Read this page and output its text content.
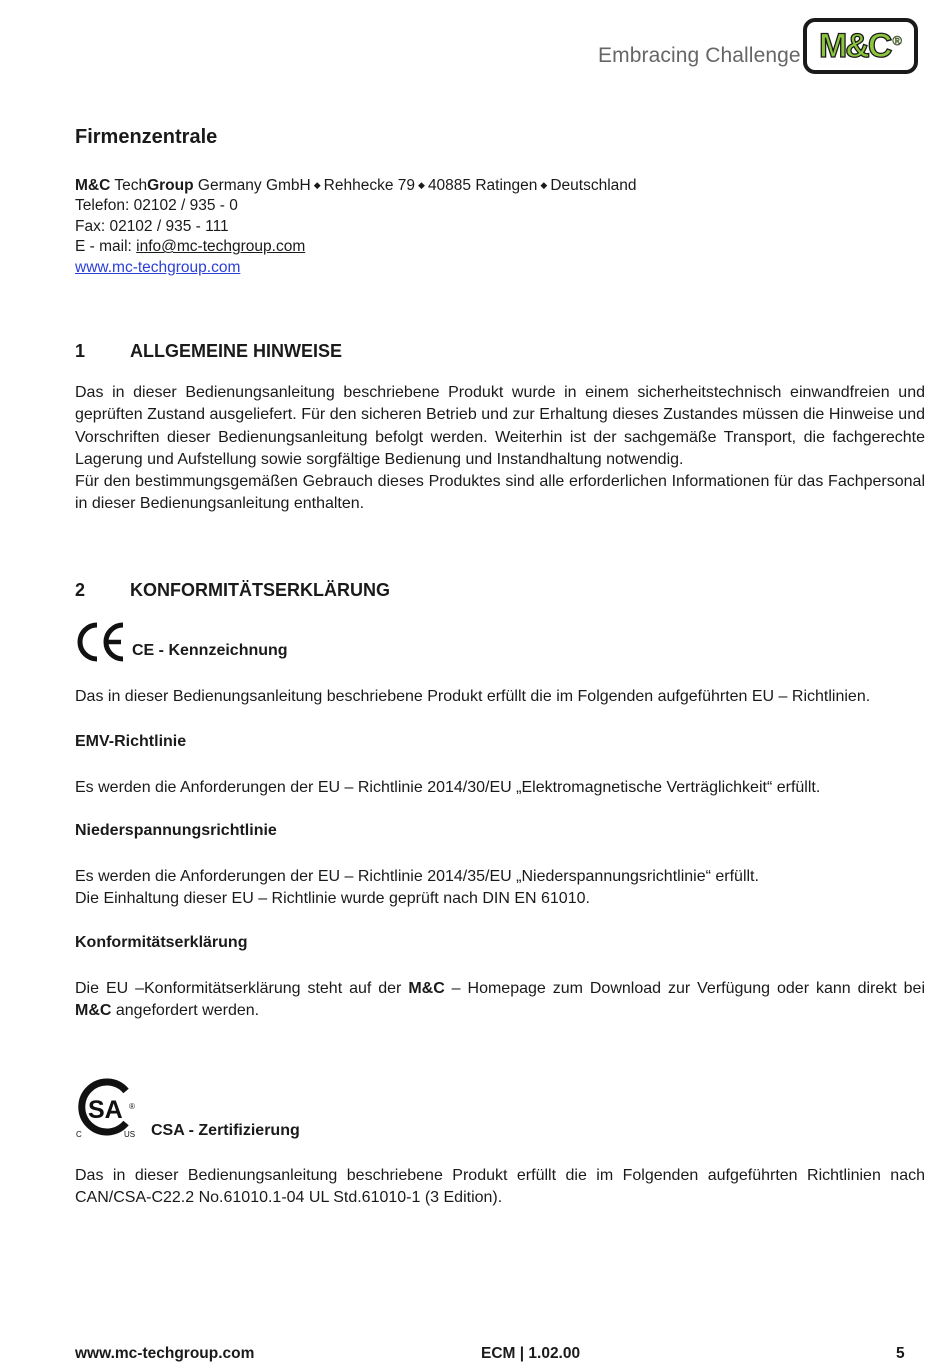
Embracing Challenge M&C ®
Firmenzentrale
M&C TechGroup Germany GmbH ◆ Rehhecke 79 ◆ 40885 Ratingen ◆ Deutschland
Telefon: 02102 / 935 - 0
Fax: 02102 / 935 - 111
E - mail: info@mc-techgroup.com
www.mc-techgroup.com
1 ALLGEMEINE HINWEISE
Das in dieser Bedienungsanleitung beschriebene Produkt wurde in einem sicherheitstechnisch einwandfreien und geprüften Zustand ausgeliefert. Für den sicheren Betrieb und zur Erhaltung dieses Zustandes müssen die Hinweise und Vorschriften dieser Bedienungsanleitung befolgt werden. Weiterhin ist der sachgemäße Transport, die fachgerechte Lagerung und Aufstellung sowie sorgfältige Bedienung und Instandhaltung notwendig.
Für den bestimmungsgemäßen Gebrauch dieses Produktes sind alle erforderlichen Informationen für das Fachpersonal in dieser Bedienungsanleitung enthalten.
2 KONFORMITÄTSERKLÄRUNG
CE - Kennzeichnung
Das in dieser Bedienungsanleitung beschriebene Produkt erfüllt die im Folgenden aufgeführten EU – Richtlinien.
EMV-Richtlinie
Es werden die Anforderungen der EU – Richtlinie 2014/30/EU „Elektromagnetische Verträglichkeit“ erfüllt.
Niederspannungsrichtlinie
Es werden die Anforderungen der EU – Richtlinie 2014/35/EU „Niederspannungsrichtlinie“ erfüllt.
Die Einhaltung dieser EU – Richtlinie wurde geprüft nach DIN EN 61010.
Konformitätserklärung
Die EU –Konformitätserklärung steht auf der M&C – Homepage zum Download zur Verfügung oder kann direkt bei M&C angefordert werden.
SA
C	US
®
CSA - Zertifizierung
Das in dieser Bedienungsanleitung beschriebene Produkt erfüllt die im Folgenden aufgeführten Richtlinien nach CAN/CSA-C22.2 No.61010.1-04 UL Std.61010-1 (3 Edition).
www.mc-techgroup.com	ECM | 1.02.00	5
